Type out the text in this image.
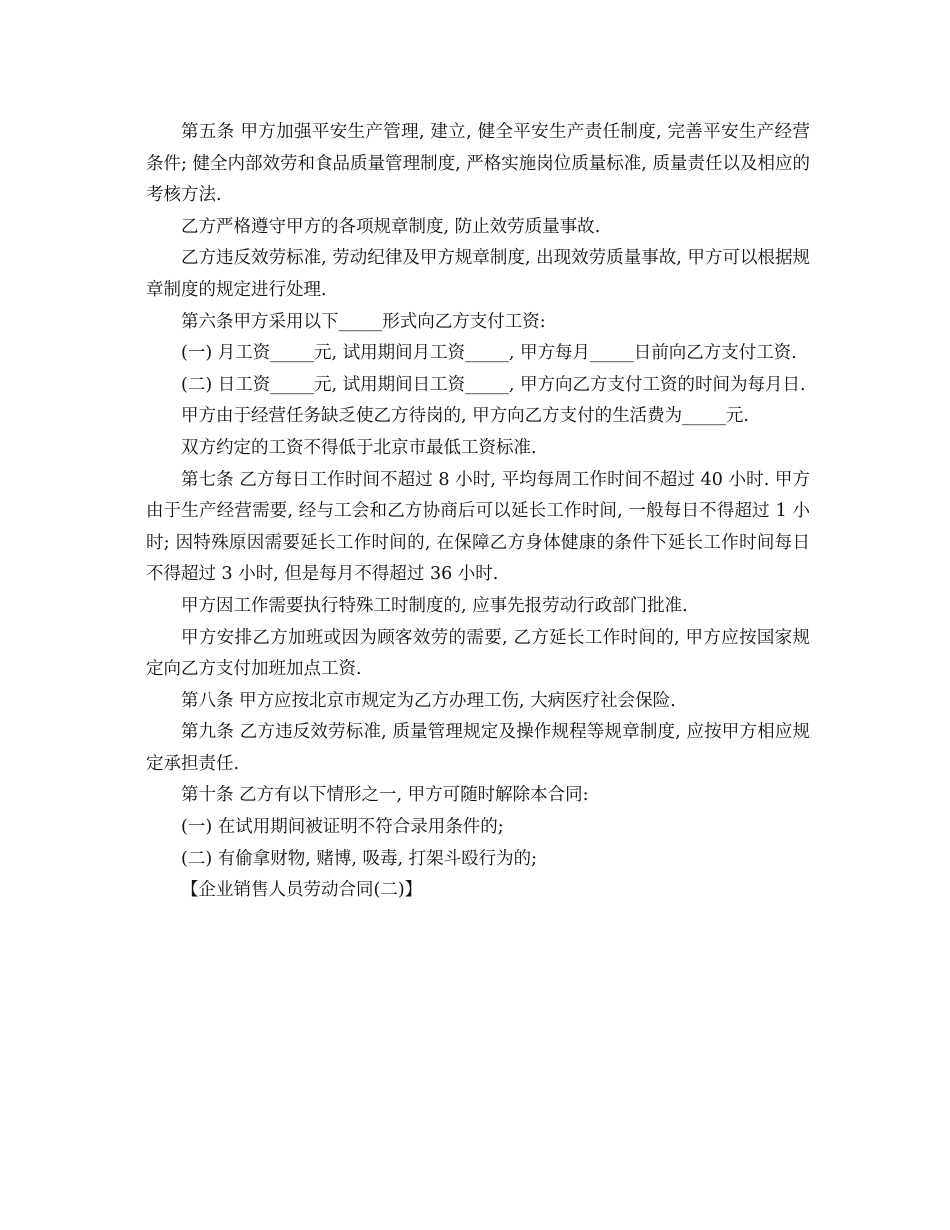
第五条 甲方加强平安生产管理, 建立, 健全平安生产责任制度, 完善平安生产经营条件; 健全内部效劳和食品质量管理制度, 严格实施岗位质量标准, 质量责任以及相应的考核方法.

乙方严格遵守甲方的各项规章制度, 防止效劳质量事故.

乙方违反效劳标准, 劳动纪律及甲方规章制度, 出现效劳质量事故, 甲方可以根据规章制度的规定进行处理.

第六条甲方采用以下_____形式向乙方支付工资:

(一) 月工资_____元, 试用期间月工资_____, 甲方每月_____日前向乙方支付工资.

(二) 日工资_____元, 试用期间日工资_____, 甲方向乙方支付工资的时间为每月日.

甲方由于经营任务缺乏使乙方待岗的, 甲方向乙方支付的生活费为_____元.

双方约定的工资不得低于北京市最低工资标准.

第七条 乙方每日工作时间不超过 8 小时, 平均每周工作时间不超过 40 小时. 甲方由于生产经营需要, 经与工会和乙方协商后可以延长工作时间, 一般每日不得超过 1 小时; 因特殊原因需要延长工作时间的, 在保障乙方身体健康的条件下延长工作时间每日不得超过 3 小时, 但是每月不得超过 36 小时.

甲方因工作需要执行特殊工时制度的, 应事先报劳动行政部门批准.

甲方安排乙方加班或因为顾客效劳的需要, 乙方延长工作时间的, 甲方应按国家规定向乙方支付加班加点工资.

第八条 甲方应按北京市规定为乙方办理工伤, 大病医疗社会保险.

第九条 乙方违反效劳标准, 质量管理规定及操作规程等规章制度, 应按甲方相应规定承担责任.

第十条 乙方有以下情形之一, 甲方可随时解除本合同:

(一) 在试用期间被证明不符合录用条件的;

(二) 有偷拿财物, 赌博, 吸毒, 打架斗殴行为的;

【企业销售人员劳动合同(二)】
